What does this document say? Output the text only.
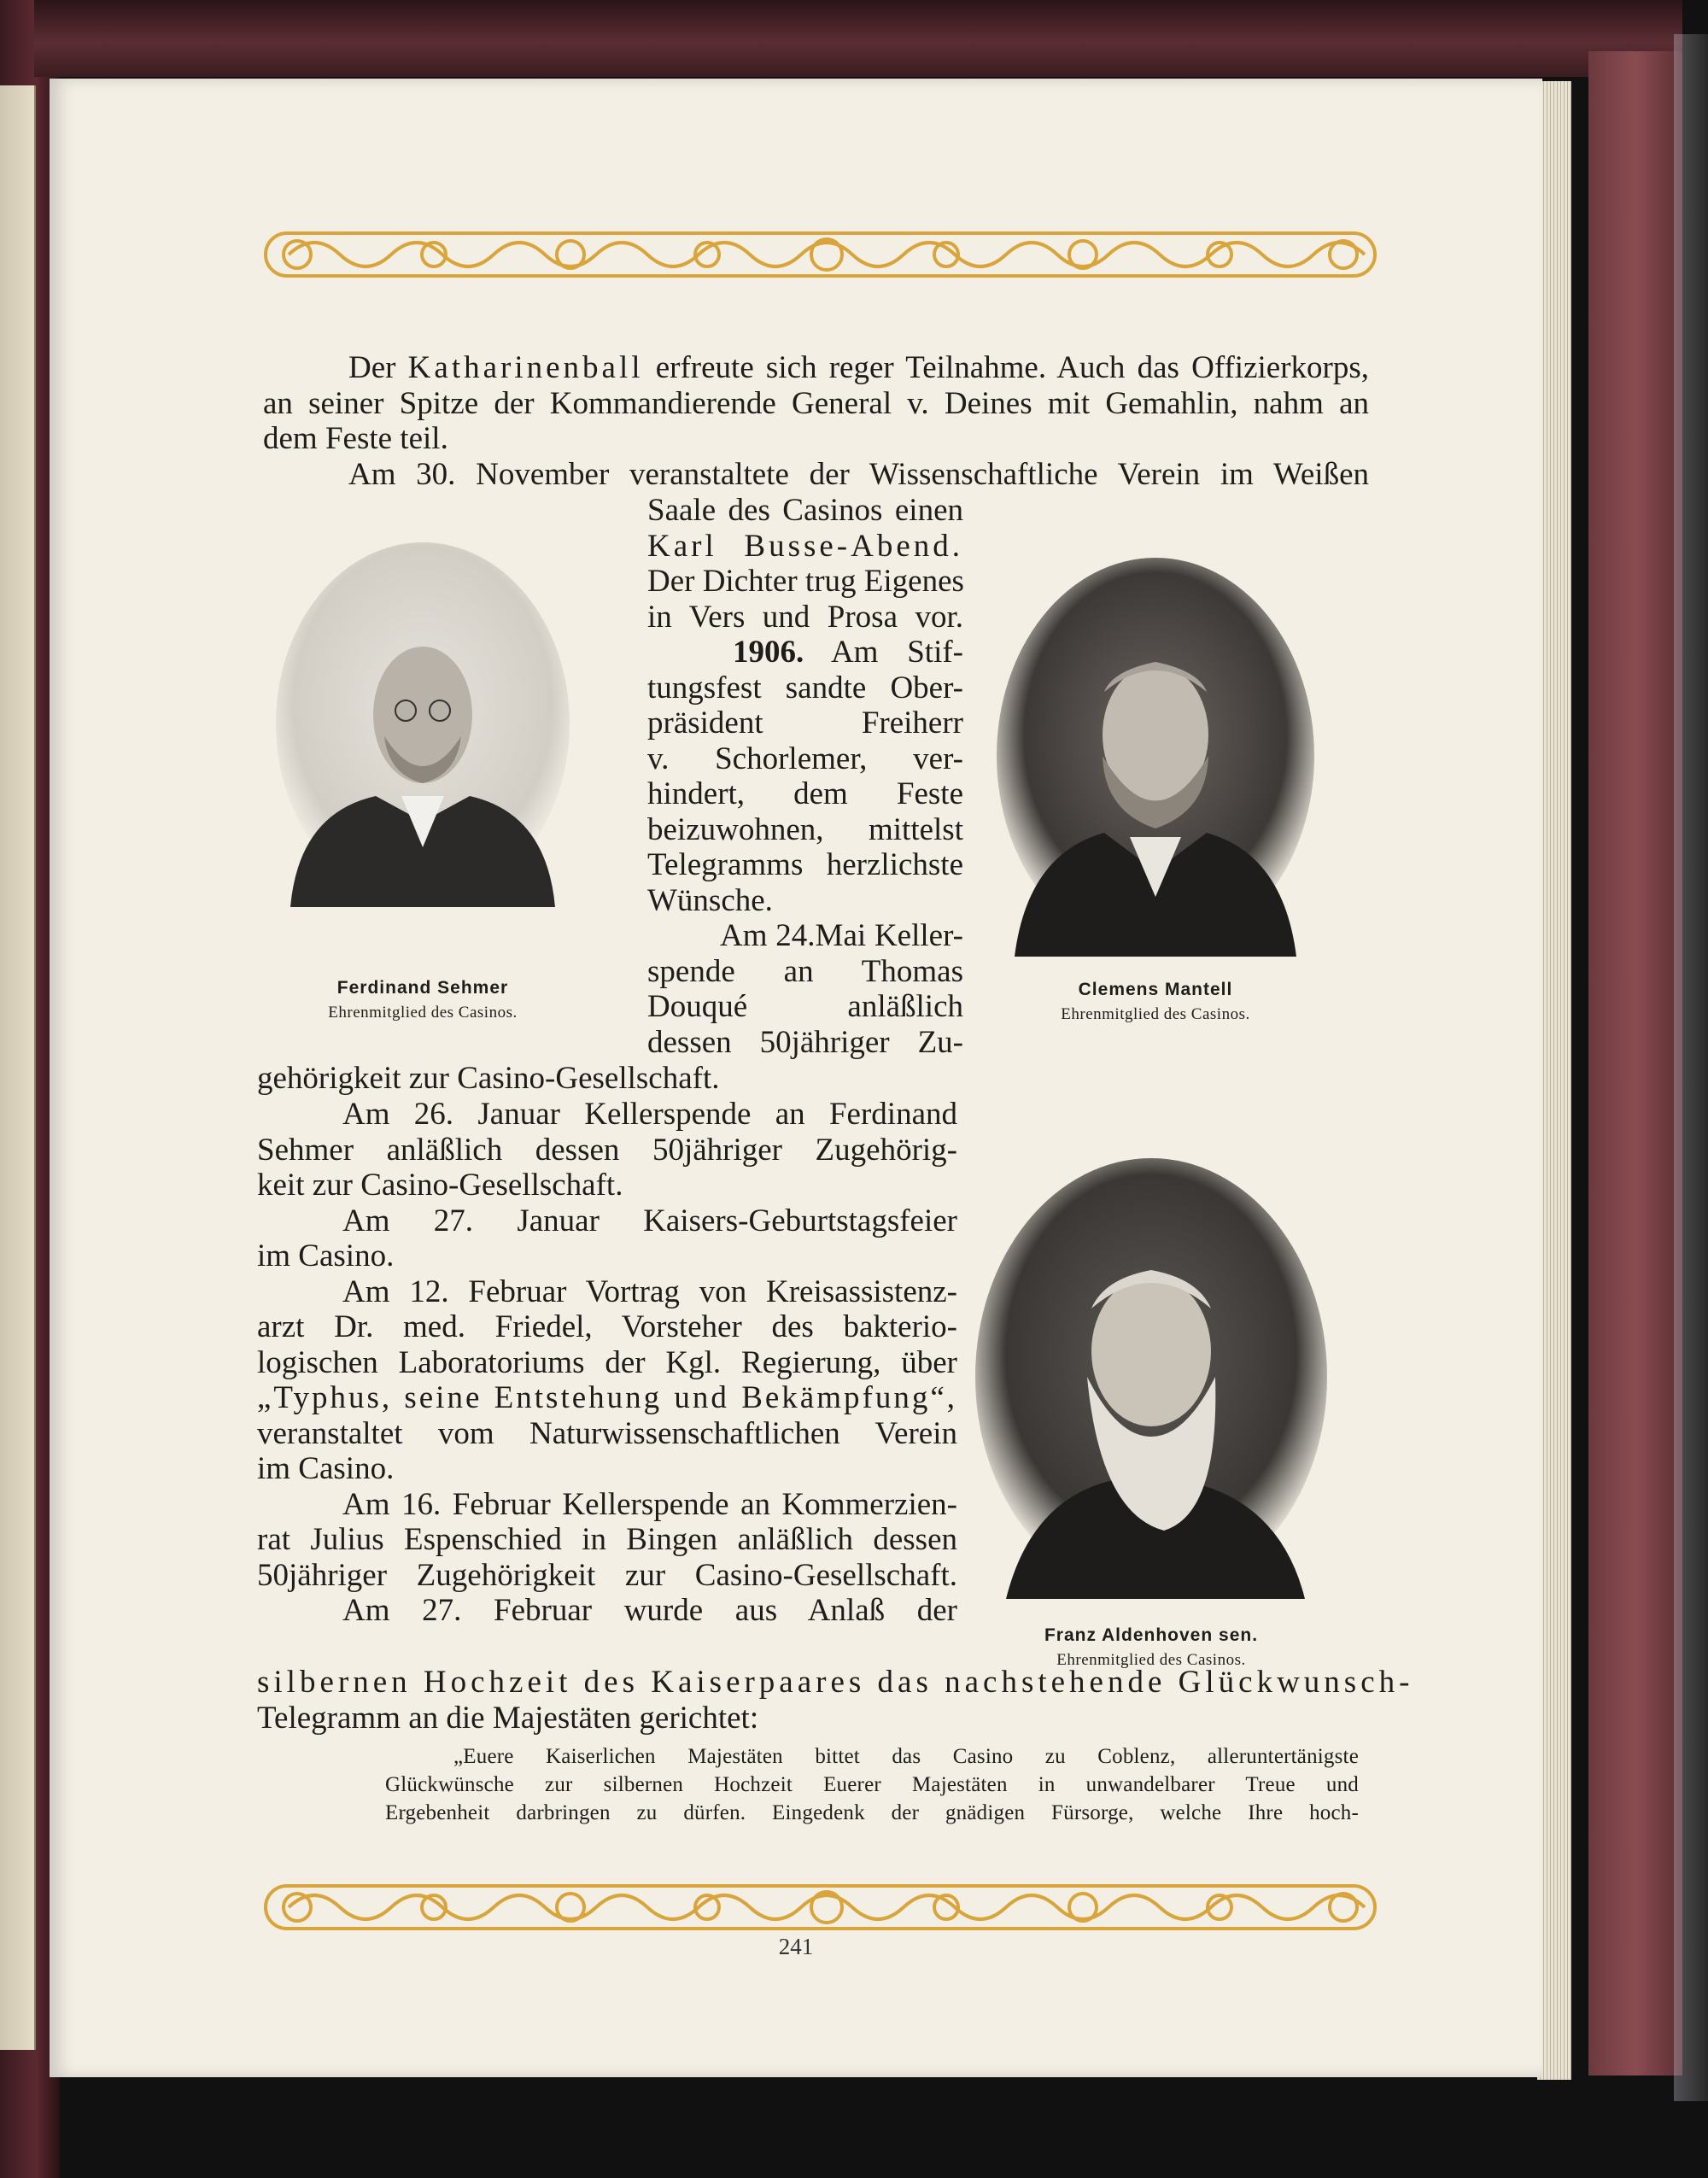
Der Katharinenball erfreute sich reger Teilnahme. Auch das Offizierkorps,
an seiner Spitze der Kommandierende General v. Deines mit Gemahlin, nahm an
dem Feste teil.
Am 30. November veranstaltete der Wissenschaftliche Verein im Weißen
Saale des Casinos einen
Karl Busse-Abend.
Der Dichter trug Eigenes
in Vers und Prosa vor.
1906. Am Stif-
tungsfest sandte Ober-
präsident Freiherr
v. Schorlemer, ver-
hindert, dem Feste
beizuwohnen, mittelst
Telegramms herzlichste
Wünsche.
Am 24.Mai Keller-
spende an Thomas
Douqué anläßlich
dessen 50jähriger Zu-
Ferdinand Sehmer
Ehrenmitglied des Casinos.
Clemens Mantell
Ehrenmitglied des Casinos.
gehörigkeit zur Casino-Gesellschaft.
Am 26. Januar Kellerspende an Ferdinand
Sehmer anläßlich dessen 50jähriger Zugehörig-
keit zur Casino-Gesellschaft.
Am 27. Januar Kaisers-Geburtstagsfeier
im Casino.
Am 12. Februar Vortrag von Kreisassistenz-
arzt Dr. med. Friedel, Vorsteher des bakterio-
logischen Laboratoriums der Kgl. Regierung, über
„Typhus, seine Entstehung und Bekämpfung“,
veranstaltet vom Naturwissenschaftlichen Verein
im Casino.
Am 16. Februar Kellerspende an Kommerzien-
rat Julius Espenschied in Bingen anläßlich dessen
50jähriger Zugehörigkeit zur Casino-Gesellschaft.
Am 27. Februar wurde aus Anlaß der
Franz Aldenhoven sen.
Ehrenmitglied des Casinos.
silbernen Hochzeit des Kaiserpaares das nachstehende Glückwunsch-
Telegramm an die Majestäten gerichtet:
„Euere Kaiserlichen Majestäten bittet das Casino zu Coblenz, alleruntertänigste
Glückwünsche zur silbernen Hochzeit Euerer Majestäten in unwandelbarer Treue und
Ergebenheit darbringen zu dürfen. Eingedenk der gnädigen Fürsorge, welche Ihre hoch-
241
